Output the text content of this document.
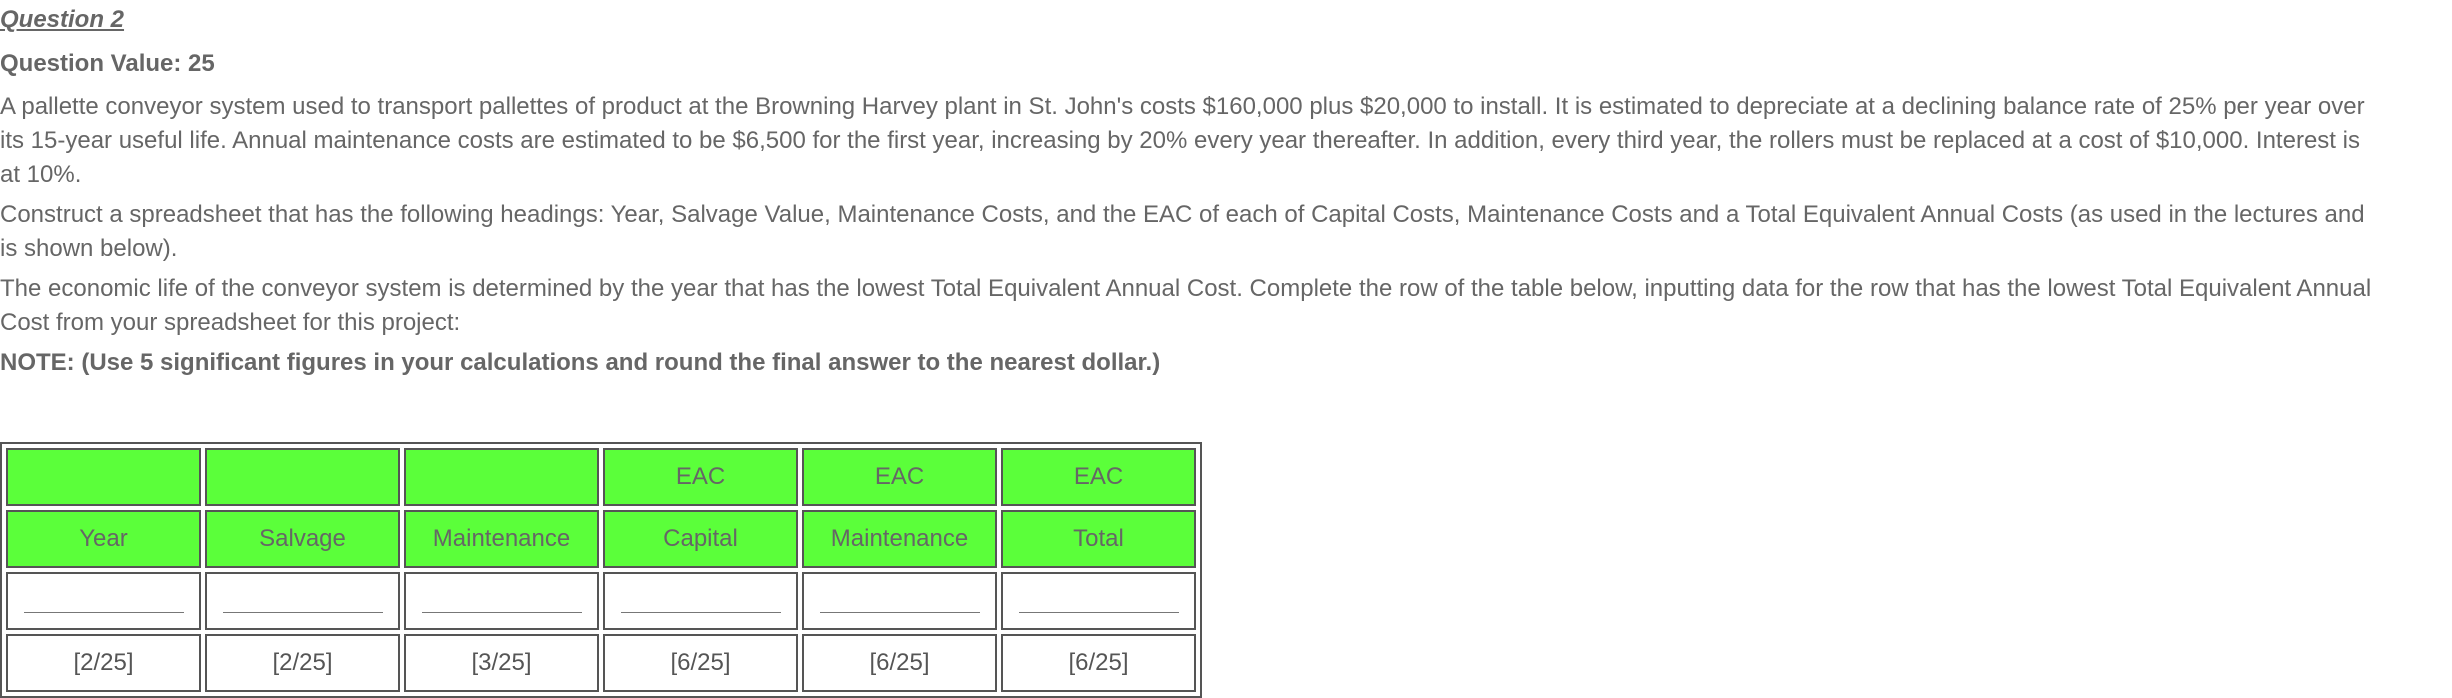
Question 2

Question Value: 25

A pallette conveyor system used to transport pallettes of product at the Browning Harvey plant in St. John's costs $160,000 plus $20,000 to install. It is estimated to depreciate at a declining balance rate of 25% per year over its 15-year useful life. Annual maintenance costs are estimated to be $6,500 for the first year, increasing by 20% every year thereafter. In addition, every third year, the rollers must be replaced at a cost of $10,000. Interest is at 10%.

Construct a spreadsheet that has the following headings: Year, Salvage Value, Maintenance Costs, and the EAC of each of Capital Costs, Maintenance Costs and a Total Equivalent Annual Costs (as used in the lectures and is shown below).

The economic life of the conveyor system is determined by the year that has the lowest Total Equivalent Annual Cost. Complete the row of the table below, inputting data for the row that has the lowest Total Equivalent Annual Cost from your spreadsheet for this project:

NOTE: (Use 5 significant figures in your calculations and round the final answer to the nearest dollar.)

			EAC	EAC	EAC
Year	Salvage	Maintenance	Capital	Maintenance	Total

[2/25]	[2/25]	[3/25]	[6/25]	[6/25]	[6/25]
